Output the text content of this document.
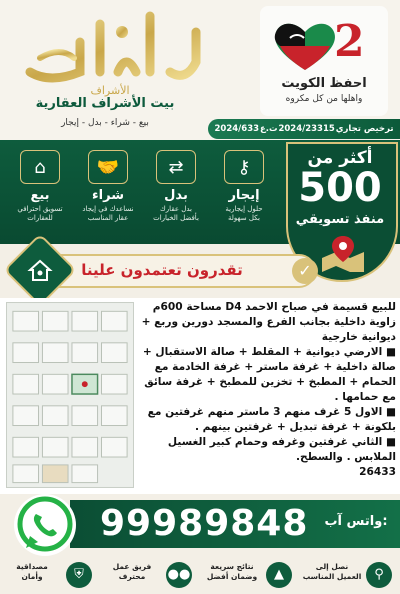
2
احفظ الكويت
واهلها من كل مكروه
الأشراف
بيت الأشراف العقارية
بيع - شراء - بدل - إيجار
ترخيص تجاري
2024/23315
ت.ع
2024/633
⚷
إيجار
حلول إيجارية
بكل سهولة
⇄
بدل
بدل عقارك
بأفضل الخيارات
🤝
شراء
نساعدك في إيجاد
عقار المناسب
⌂
بيع
تسويق احترافي
للعقارات
أكثر من
500
منفذ تسويقي
تقدرون تعتمدون علينا	✓
للبيع قسيمة في صباح الاحمد D4 مساحة 600م زاوية داخلية بجانب الفرع والمسجد دورين وربع + ديوانية خارجية
■ الارضي ديوانية + المقلط + صالة الاستقبال + صالة داخلية + غرفة ماستر + غرفة الخادمة مع الحمام + المطبخ + تخزين للمطبخ + غرفة سائق مع حمامها .
■ الاول 5 غرف منهم 3 ماستر منهم غرفتين مع بلكونة + غرفة تبديل + غرفتين بينهم .
■ الثاني غرفتين وغرفه وحمام كبير الغسيل الملابس . والسطح.
26433
99989848	واتس آب:
⚲
نصل إلى
العميل المناسب
▲
نتائج سريعة
وضمان أفضل
●●
فريق عمل
محترف
⛨
مصداقية
وأمان
